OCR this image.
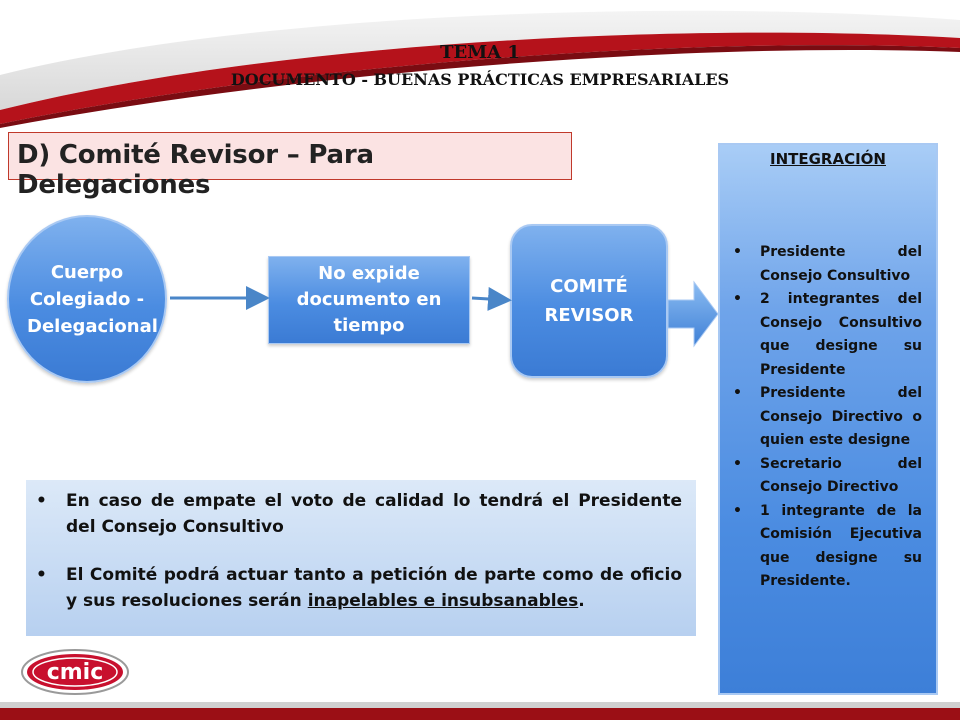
TEMA 1
DOCUMENTO - BUENAS PRÁCTICAS EMPRESARIALES
D) Comité Revisor – Para Delegaciones
Cuerpo Colegiado - Delegacional
No expide documento en tiempo
COMITÉ REVISOR
INTEGRACIÓN
• Presidente del Consejo Consultivo
• 2 integrantes del Consejo Consultivo que designe su Presidente
• Presidente del Consejo Directivo o quien este designe
• Secretario del Consejo Directivo
• 1 integrante de la Comisión Ejecutiva que designe su Presidente.
• En caso de empate el voto de calidad lo tendrá el Presidente del Consejo Consultivo
• El Comité podrá actuar tanto a petición de parte como de oficio y sus resoluciones serán inapelables e insubsanables.
cmic
